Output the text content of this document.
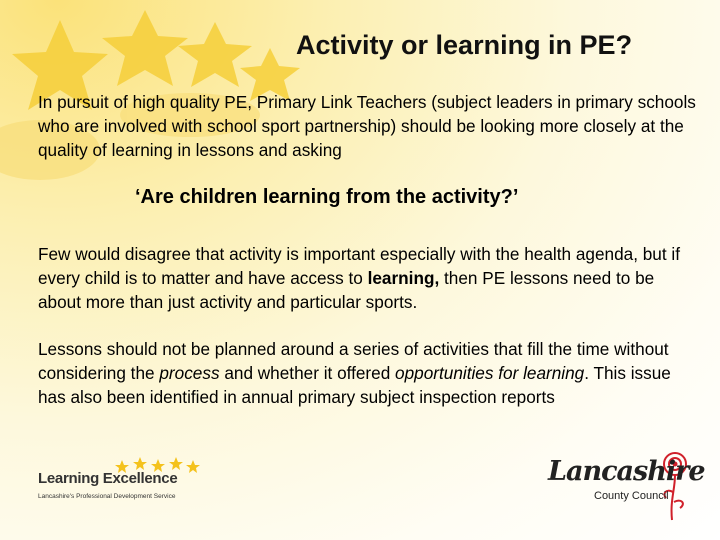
Activity or learning in PE?
In pursuit of high quality PE, Primary Link Teachers (subject leaders in primary schools who are involved with school sport partnership) should be looking more closely at the quality of learning in lessons and asking
‘Are children learning from the activity?’
Few would disagree that activity is important especially with the health agenda, but if every child is to matter and have access to learning, then PE lessons need to be about more than just activity and particular sports.
Lessons should not be planned around a series of activities that fill the time without considering the process and whether it offered opportunities for learning. This issue has also been identified in annual primary subject inspection reports
Learning Excellence
Lancashire's Professional Development Service
Lancashire
County Council
